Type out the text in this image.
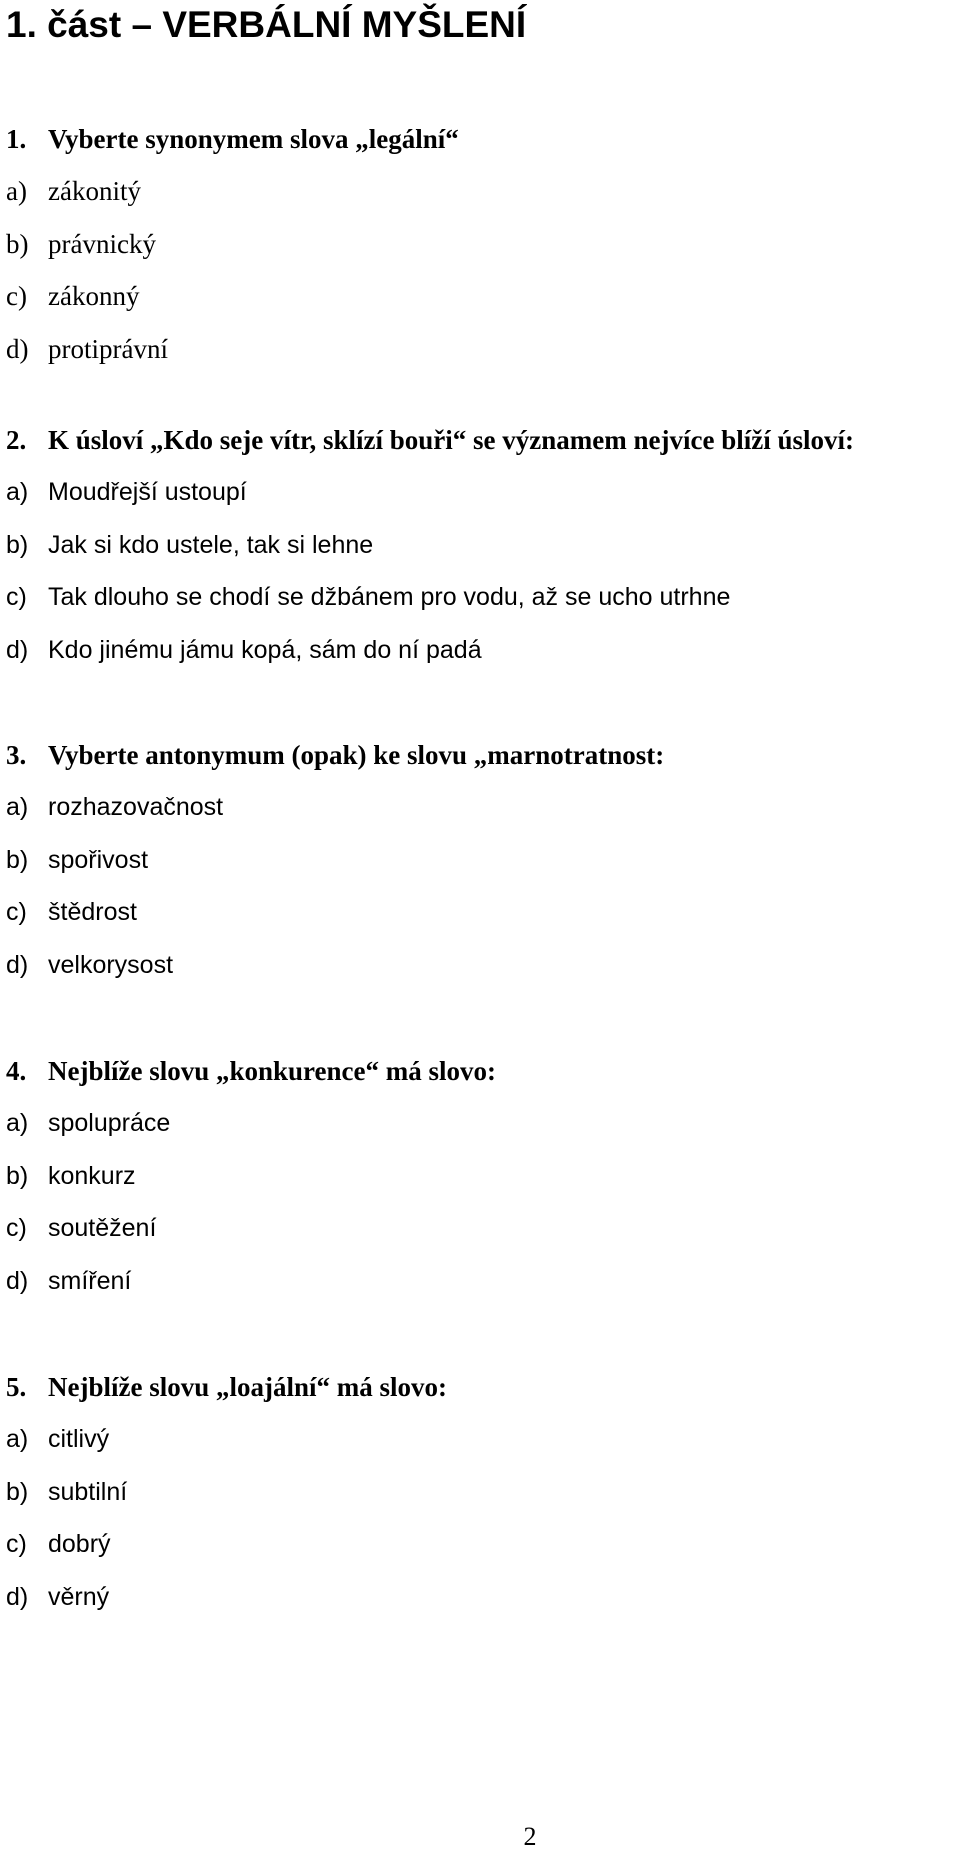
1. část – VERBÁLNÍ MYŠLENÍ
1. Vyberte synonymem slova „legální“
a) zákonitý
b) právnický
c) zákonný
d) protiprávní
2. K úsloví „Kdo seje vítr, sklízí bouři“ se významem nejvíce blíží úsloví:
a) Moudřejší ustoupí
b) Jak si kdo ustele, tak si lehne
c) Tak dlouho se chodí se džbánem pro vodu, až se ucho utrhne
d) Kdo jinému jámu kopá, sám do ní padá
3. Vyberte antonymum (opak) ke slovu „marnotratnost:
a) rozhazovačnost
b) spořivost
c) štědrost
d) velkorysost
4. Nejblíže slovu „konkurence“ má slovo:
a) spolupráce
b) konkurz
c) soutěžení
d) smíření
5. Nejblíže slovu „loajální“ má slovo:
a) citlivý
b) subtilní
c) dobrý
d) věrný
2
